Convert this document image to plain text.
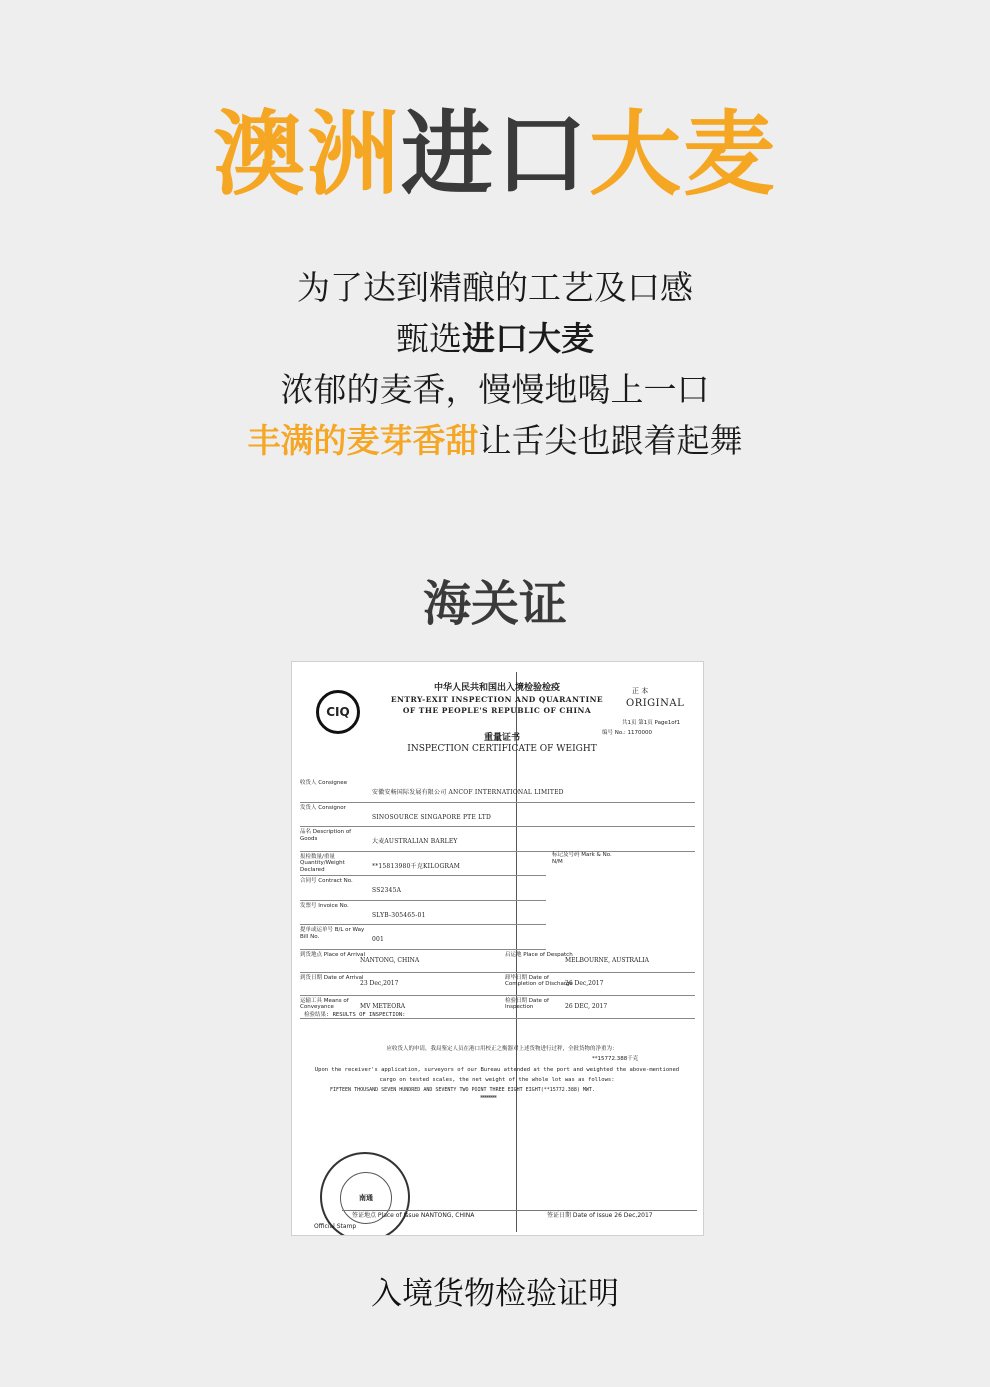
澳洲进口大麦
为了达到精酿的工艺及口感
甄选进口大麦
浓郁的麦香，慢慢地喝上一口
丰满的麦芽香甜让舌尖也跟着起舞
海关证
CIQ
中华人民共和国出入境检验检疫
ENTRY-EXIT INSPECTION AND QUARANTINE
OF THE PEOPLE'S REPUBLIC OF CHINA
正 本
ORIGINAL
共1页 第1页 Page1of1
编号 No.: 1170000
重量证书
INSPECTION CERTIFICATE OF WEIGHT
收货人 Consignee
安徽安畅国际发展有限公司 ANCOF INTERNATIONAL LIMITED
发货人 Consignor
SINOSOURCE SINGAPORE PTE LTD
品名 Description of Goods	大麦AUSTRALIAN BARLEY
报检数量/重量 Quantity/Weight Declared
**15813980千克KILOGRAM
合同号 Contract No.
SS2345A
发票号 Invoice No.
SLYB-305465-01
提单或运单号 B/L or Way Bill No.	001
到货地点 Place of Arrival
NANTONG, CHINA
启运地 Place of Despatch
MELBOURNE, AUSTRALIA
到货日期 Date of Arrival
23 Dec,2017
卸毕日期 Date of Completion of Discharge
26 Dec,2017
运输工具 Means of Conveyance	MV METEORA
检验日期 Date of Inspection	26 DEC, 2017
标记及号码 Mark & No.
N/M
检验结果: RESULTS OF INSPECTION:
应收货人的申请，我局鉴定人员在港口用校正之衡器对上述货物进行过秤，全批货物的净重为：
**15772.388千克
Upon the receiver's application, surveyors of our Bureau attended at the port and weighted the above-mentioned cargo on tested scales, the net weight of the whole lot was as follows:
FIFTEEN THOUSAND SEVEN HUNDRED AND SEVENTY TWO POINT THREE EIGHT EIGHT(**15772.388) MWT.
********
南通
签证地点 Place of Issue NANTONG, CHINA	签证日期 Date of Issue 26 Dec,2017
Official Stamp
入境货物检验证明
